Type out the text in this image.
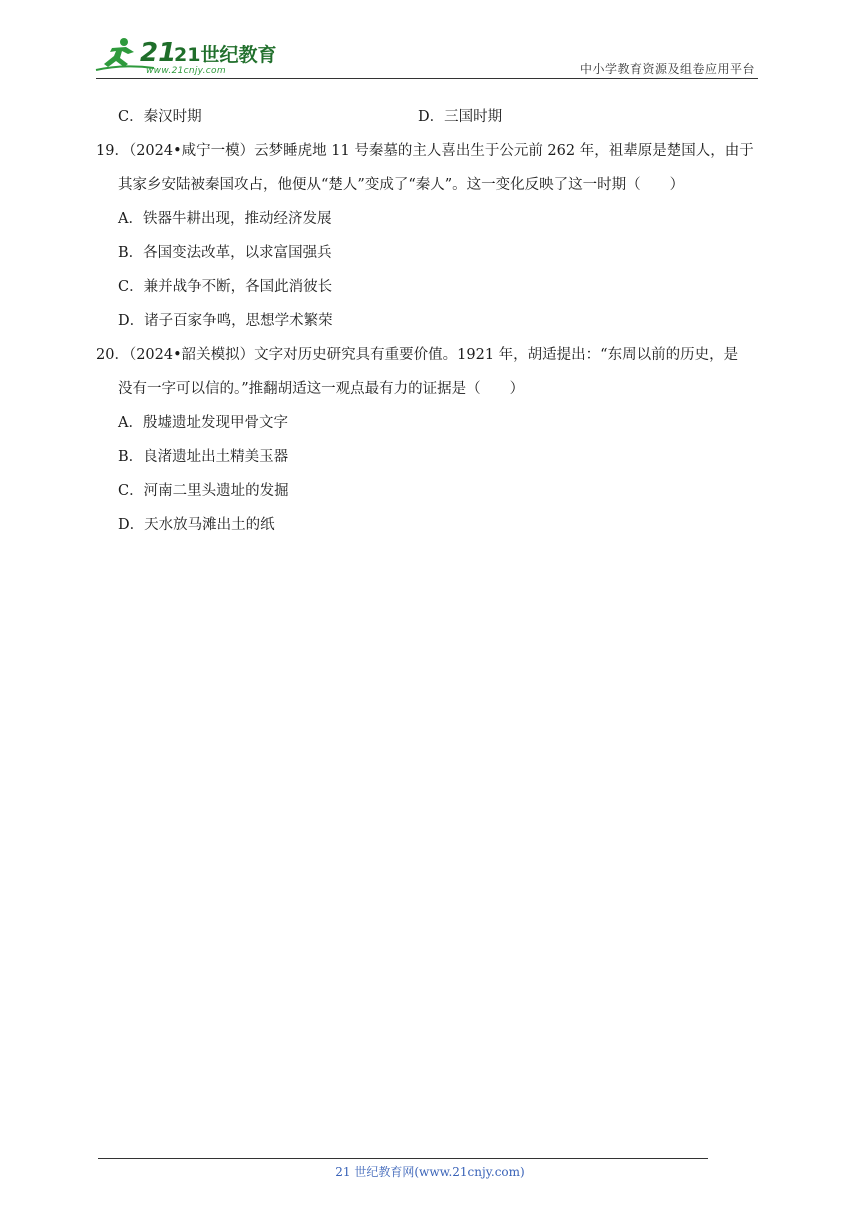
21
21世纪教育
www.21cnjy.com	中小学教育资源及组卷应用平台
C．秦汉时期	D．三国时期
19．（2024•咸宁一模）云梦睡虎地 11 号秦墓的主人喜出生于公元前 262 年，祖辈原是楚国人，由于
其家乡安陆被秦国攻占，他便从“楚人”变成了“秦人”。这一变化反映了这一时期（　　）
A．铁器牛耕出现，推动经济发展
B．各国变法改革，以求富国强兵
C．兼并战争不断，各国此消彼长
D．诸子百家争鸣，思想学术繁荣
20．（2024•韶关模拟）文字对历史研究具有重要价值。1921 年，胡适提出：“东周以前的历史，是
没有一字可以信的。”推翻胡适这一观点最有力的证据是（　　）
A．殷墟遗址发现甲骨文字
B．良渚遗址出土精美玉器
C．河南二里头遗址的发掘
D．天水放马滩出土的纸
21 世纪教育网(www.21cnjy.com)
